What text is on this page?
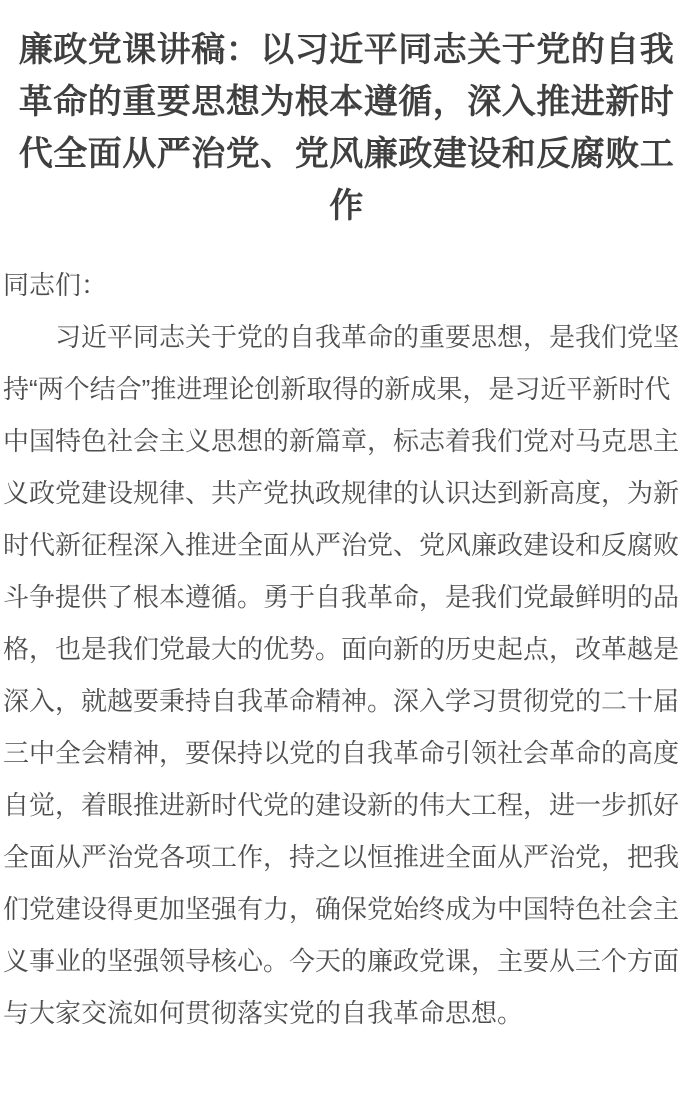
廉政党课讲稿：以习近平同志关于党的自我革命的重要思想为根本遵循，深入推进新时代全面从严治党、党风廉政建设和反腐败工作

同志们：

习近平同志关于党的自我革命的重要思想，是我们党坚持“两个结合”推进理论创新取得的新成果，是习近平新时代中国特色社会主义思想的新篇章，标志着我们党对马克思主义政党建设规律、共产党执政规律的认识达到新高度，为新时代新征程深入推进全面从严治党、党风廉政建设和反腐败斗争提供了根本遵循。勇于自我革命，是我们党最鲜明的品格，也是我们党最大的优势。面向新的历史起点，改革越是深入，就越要秉持自我革命精神。深入学习贯彻党的二十届三中全会精神，要保持以党的自我革命引领社会革命的高度自觉，着眼推进新时代党的建设新的伟大工程，进一步抓好全面从严治党各项工作，持之以恒推进全面从严治党，把我们党建设得更加坚强有力，确保党始终成为中国特色社会主义事业的坚强领导核心。今天的廉政党课，主要从三个方面与大家交流如何贯彻落实党的自我革命思想。
